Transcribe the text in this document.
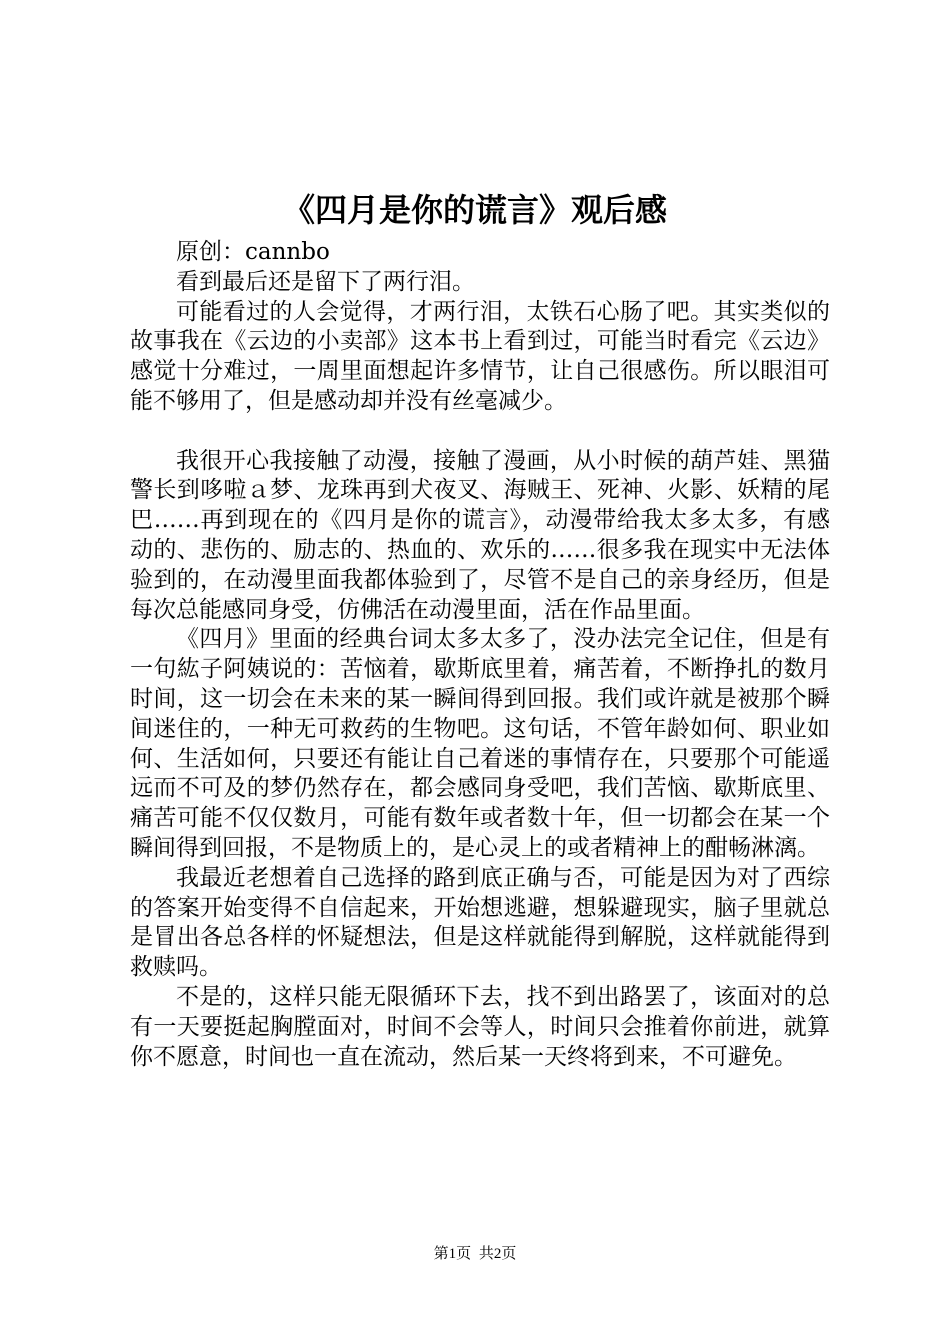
《四月是你的谎言》观后感

原创：cannbo

看到最后还是留下了两行泪。

可能看过的人会觉得，才两行泪，太铁石心肠了吧。其实类似的故事我在《云边的小卖部》这本书上看到过，可能当时看完《云边》感觉十分难过，一周里面想起许多情节，让自己很感伤。所以眼泪可能不够用了，但是感动却并没有丝毫减少。

我很开心我接触了动漫，接触了漫画，从小时候的葫芦娃、黑猫警长到哆啦ａ梦、龙珠再到犬夜叉、海贼王、死神、火影、妖精的尾巴……再到现在的《四月是你的谎言》，动漫带给我太多太多，有感动的、悲伤的、励志的、热血的、欢乐的……很多我在现实中无法体验到的，在动漫里面我都体验到了，尽管不是自己的亲身经历，但是每次总能感同身受，仿佛活在动漫里面，活在作品里面。

《四月》里面的经典台词太多太多了，没办法完全记住，但是有一句紘子阿姨说的：苦恼着，歇斯底里着，痛苦着，不断挣扎的数月时间，这一切会在未来的某一瞬间得到回报。我们或许就是被那个瞬间迷住的，一种无可救药的生物吧。这句话，不管年龄如何、职业如何、生活如何，只要还有能让自己着迷的事情存在，只要那个可能遥远而不可及的梦仍然存在，都会感同身受吧，我们苦恼、歇斯底里、痛苦可能不仅仅数月，可能有数年或者数十年，但一切都会在某一个瞬间得到回报，不是物质上的，是心灵上的或者精神上的酣畅淋漓。

我最近老想着自己选择的路到底正确与否，可能是因为对了西综的答案开始变得不自信起来，开始想逃避，想躲避现实，脑子里就总是冒出各总各样的怀疑想法，但是这样就能得到解脱，这样就能得到救赎吗。

不是的，这样只能无限循环下去，找不到出路罢了，该面对的总有一天要挺起胸膛面对，时间不会等人，时间只会推着你前进，就算你不愿意，时间也一直在流动，然后某一天终将到来，不可避免。

第1页 共2页
